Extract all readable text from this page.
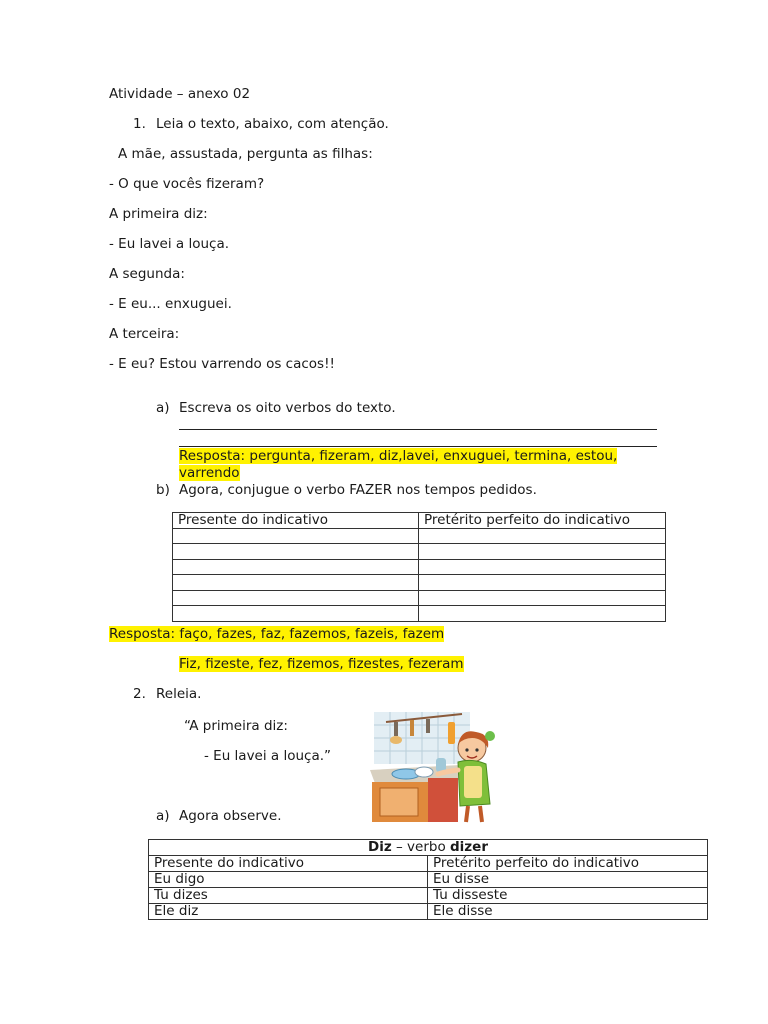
Atividade – anexo 02
1. Leia o texto, abaixo, com atenção.
A mãe, assustada, pergunta as filhas:
- O que vocês fizeram?
A primeira diz:
- Eu lavei a louça.
A segunda:
- E eu... enxuguei.
A terceira:
- E eu? Estou varrendo os cacos!!
a) Escreva os oito verbos do texto.
Resposta: pergunta, fizeram, diz,lavei, enxuguei, termina, estou,
varrendo
b) Agora, conjugue o verbo FAZER nos tempos pedidos.
Presente do indicativo	Pretérito perfeito do indicativo

Resposta: faço, fazes, faz, fazemos, fazeis, fazem
Fiz, fizeste, fez, fizemos, fizestes, fezeram
2. Releia.
“A primeira diz:
- Eu lavei a louça.”
a) Agora observe.
Diz – verbo dizer	
Presente do indicativo	Pretérito perfeito do indicativo
Eu digo	Eu disse
Tu dizes	Tu disseste
Ele diz	Ele disse
